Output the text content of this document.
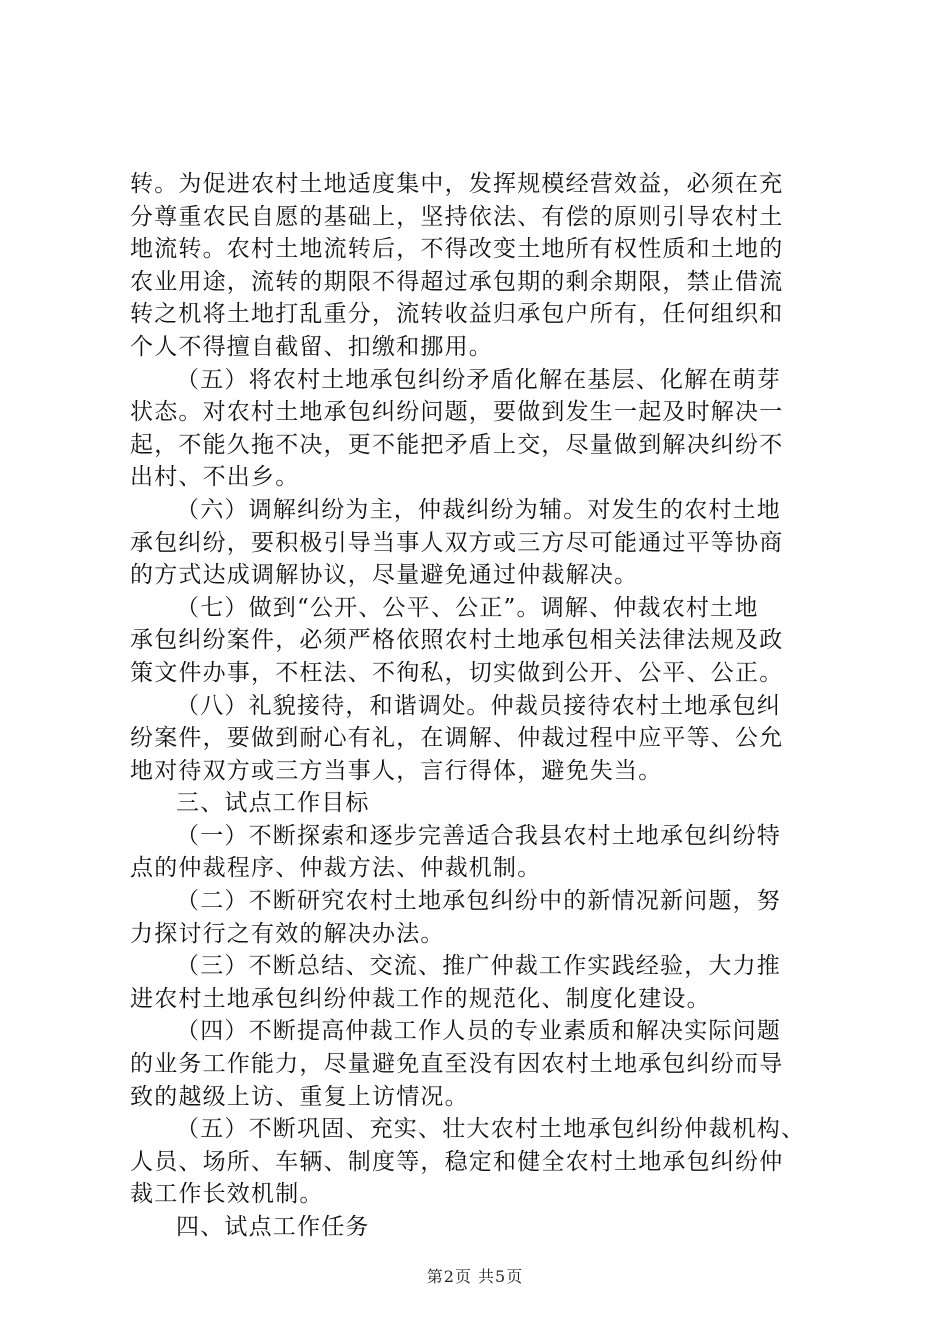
转。为促进农村土地适度集中，发挥规模经营效益，必须在充
分尊重农民自愿的基础上，坚持依法、有偿的原则引导农村土
地流转。农村土地流转后，不得改变土地所有权性质和土地的
农业用途，流转的期限不得超过承包期的剩余期限，禁止借流
转之机将土地打乱重分，流转收益归承包户所有，任何组织和
个人不得擅自截留、扣缴和挪用。
（五）将农村土地承包纠纷矛盾化解在基层、化解在萌芽
状态。对农村土地承包纠纷问题，要做到发生一起及时解决一
起，不能久拖不决，更不能把矛盾上交，尽量做到解决纠纷不
出村、不出乡。
（六）调解纠纷为主，仲裁纠纷为辅。对发生的农村土地
承包纠纷，要积极引导当事人双方或三方尽可能通过平等协商
的方式达成调解协议，尽量避免通过仲裁解决。
（七）做到“公开、公平、公正”。调解、仲裁农村土地
承包纠纷案件，必须严格依照农村土地承包相关法律法规及政
策文件办事，不枉法、不徇私，切实做到公开、公平、公正。
（八）礼貌接待，和谐调处。仲裁员接待农村土地承包纠
纷案件，要做到耐心有礼，在调解、仲裁过程中应平等、公允
地对待双方或三方当事人，言行得体，避免失当。
三、试点工作目标
（一）不断探索和逐步完善适合我县农村土地承包纠纷特
点的仲裁程序、仲裁方法、仲裁机制。
（二）不断研究农村土地承包纠纷中的新情况新问题，努
力探讨行之有效的解决办法。
（三）不断总结、交流、推广仲裁工作实践经验，大力推
进农村土地承包纠纷仲裁工作的规范化、制度化建设。
（四）不断提高仲裁工作人员的专业素质和解决实际问题
的业务工作能力，尽量避免直至没有因农村土地承包纠纷而导
致的越级上访、重复上访情况。
（五）不断巩固、充实、壮大农村土地承包纠纷仲裁机构、
人员、场所、车辆、制度等，稳定和健全农村土地承包纠纷仲
裁工作长效机制。
四、试点工作任务
第2页 共5页
